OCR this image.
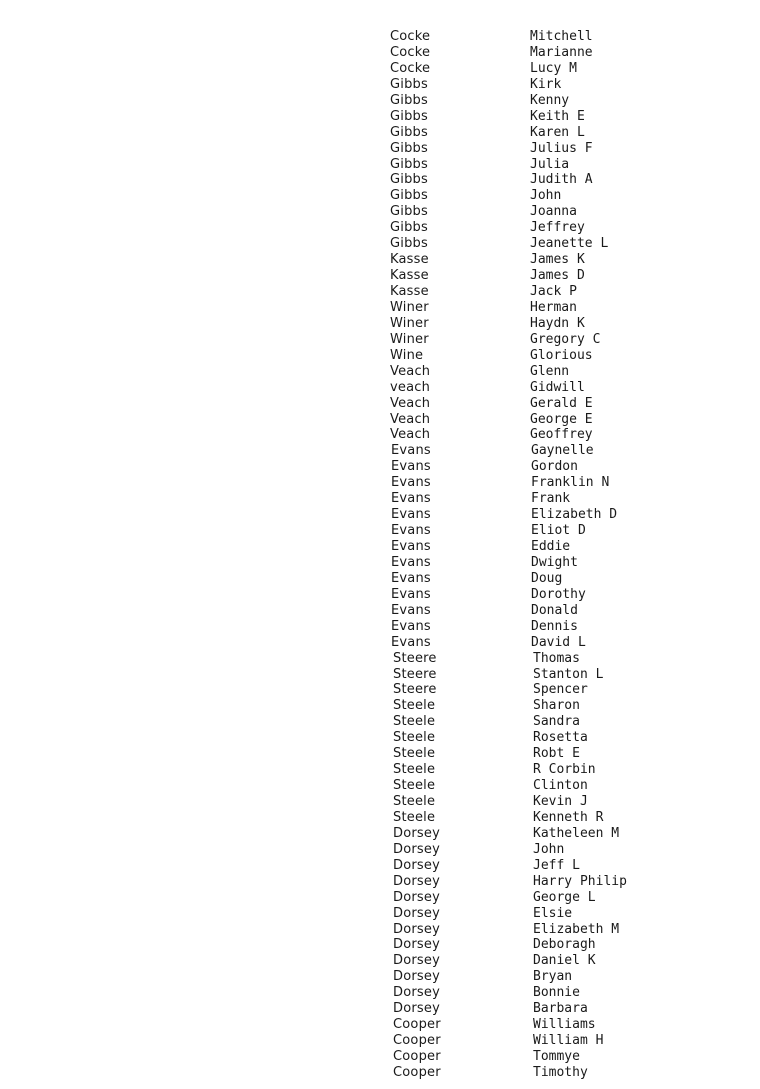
Cocke	Mitchell
Cocke	Marianne
Cocke	Lucy M
Gibbs	Kirk
Gibbs	Kenny
Gibbs	Keith E
Gibbs	Karen L
Gibbs	Julius F
Gibbs	Julia
Gibbs	Judith A
Gibbs	John
Gibbs	Joanna
Gibbs	Jeffrey
Gibbs	Jeanette L
Kasse	James K
Kasse	James D
Kasse	Jack P
Winer	Herman
Winer	Haydn K
Winer	Gregory C
Wine	Glorious
Veach	Glenn
veach	Gidwill
Veach	Gerald E
Veach	George E
Veach	Geoffrey
Evans	Gaynelle
Evans	Gordon
Evans	Franklin N
Evans	Frank
Evans	Elizabeth D
Evans	Eliot D
Evans	Eddie
Evans	Dwight
Evans	Doug
Evans	Dorothy
Evans	Donald
Evans	Dennis
Evans	David L
Steere	Thomas
Steere	Stanton L
Steere	Spencer
Steele	Sharon
Steele	Sandra
Steele	Rosetta
Steele	Robt E
Steele	R Corbin
Steele	Clinton
Steele	Kevin J
Steele	Kenneth R
Dorsey	Katheleen M
Dorsey	John
Dorsey	Jeff L
Dorsey	Harry Philip
Dorsey	George L
Dorsey	Elsie
Dorsey	Elizabeth M
Dorsey	Deboragh
Dorsey	Daniel K
Dorsey	Bryan
Dorsey	Bonnie
Dorsey	Barbara
Cooper	Williams
Cooper	William H
Cooper	Tommye
Cooper	Timothy
